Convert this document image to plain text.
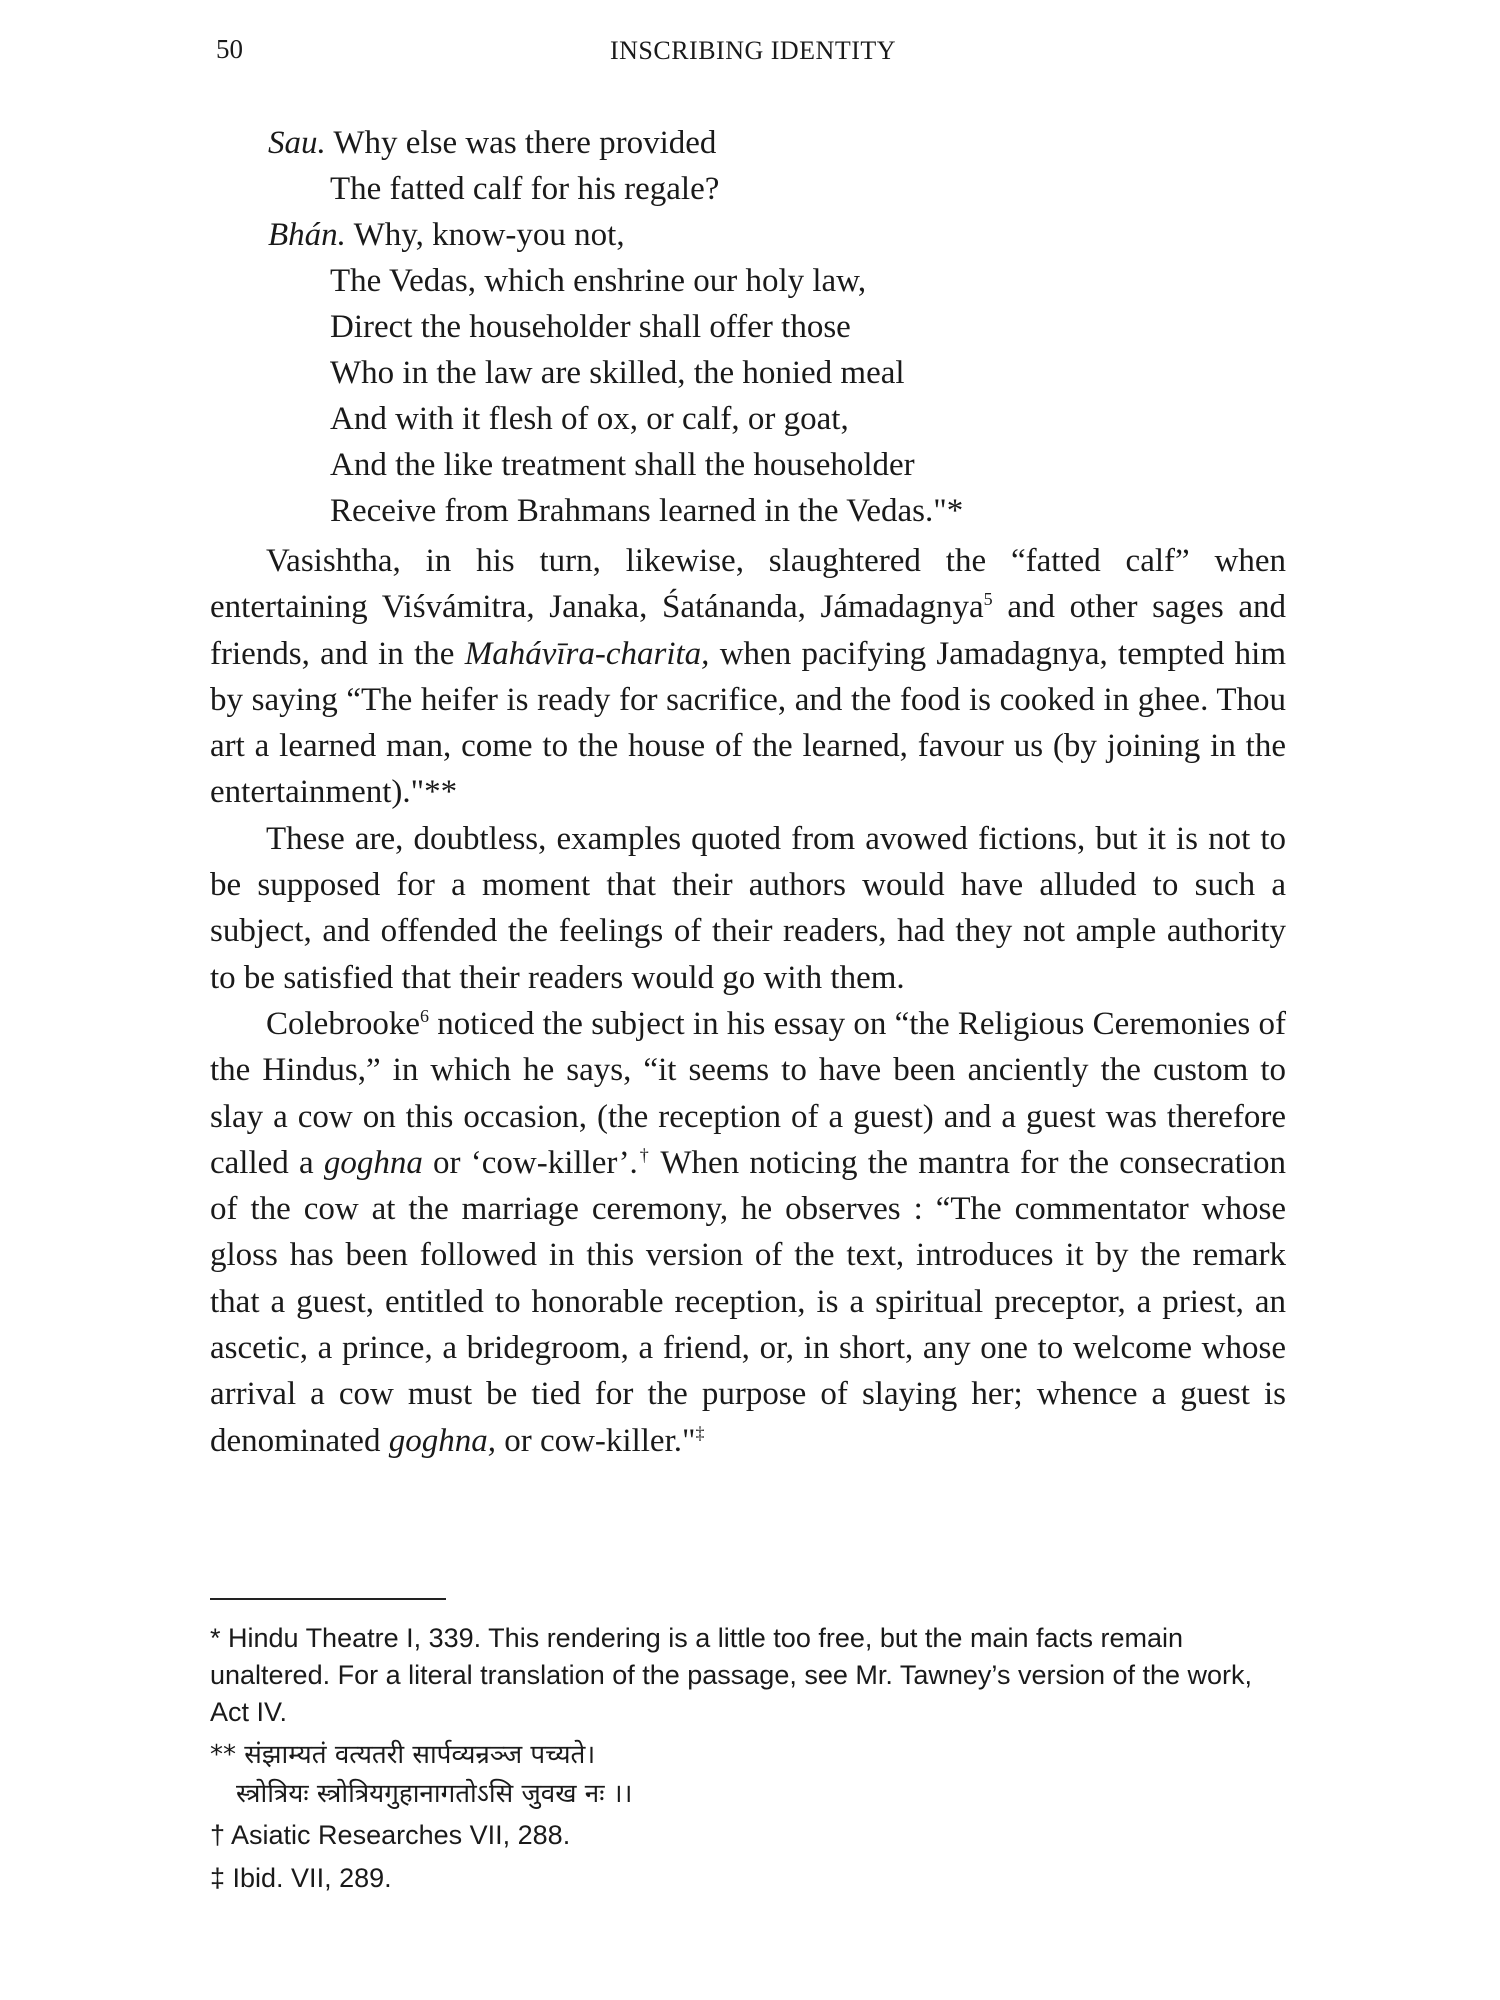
50	INSCRIBING IDENTITY
Sau. Why else was there provided
The fatted calf for his regale?
Bhán. Why, know-you not,
The Vedas, which enshrine our holy law,
Direct the householder shall offer those
Who in the law are skilled, the honied meal
And with it flesh of ox, or calf, or goat,
And the like treatment shall the householder
Receive from Brahmans learned in the Vedas."*

Vasishtha, in his turn, likewise, slaughtered the “fatted calf” when entertaining Viśvámitra, Janaka, Śatánanda, Jámadagnya$^5$ and other sages and friends, and in the Mahávīra-charita, when pacifying Jamadagnya, tempted him by saying “The heifer is ready for sacrifice, and the food is cooked in ghee. Thou art a learned man, come to the house of the learned, favour us (by joining in the entertainment)."**

These are, doubtless, examples quoted from avowed fictions, but it is not to be supposed for a moment that their authors would have alluded to such a subject, and offended the feelings of their readers, had they not ample authority to be satisfied that their readers would go with them.

Colebrooke$^6$ noticed the subject in his essay on “the Religious Ceremonies of the Hindus,” in which he says, “it seems to have been anciently the custom to slay a cow on this occasion, (the reception of a guest) and a guest was therefore called a goghna or ‘cow-killer’.† When noticing the mantra for the consecration of the cow at the marriage ceremony, he observes : “The commentator whose gloss has been followed in this version of the text, introduces it by the remark that a guest, entitled to honorable reception, is a spiritual preceptor, a priest, an ascetic, a prince, a bridegroom, a friend, or, in short, any one to welcome whose arrival a cow must be tied for the purpose of slaying her; whence a guest is denominated goghna, or cow-killer."‡

* Hindu Theatre I, 339. This rendering is a little too free, but the main facts remain unaltered. For a literal translation of the passage, see Mr. Tawney’s version of the work, Act IV.

** संझाम्यतं वत्यतरी सार्पव्यन्रञ्ज पच्यते।

स्त्रोत्रियः स्त्रोत्रियगुहानागतोऽसि जुवख नः ।।

† Asiatic Researches VII, 288.

‡ Ibid. VII, 289.
